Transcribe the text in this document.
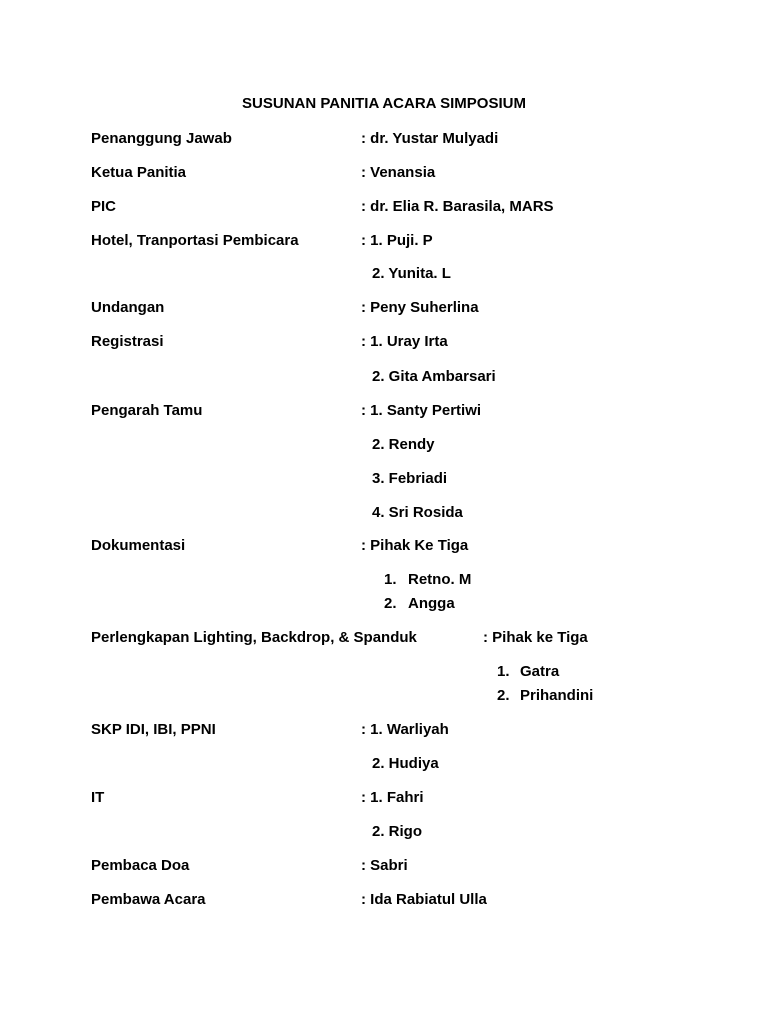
SUSUNAN PANITIA ACARA SIMPOSIUM
Penanggung Jawab	: dr. Yustar Mulyadi
Ketua Panitia	: Venansia
PIC	: dr. Elia R. Barasila, MARS
Hotel, Tranportasi Pembicara	: 1. Puji. P
2. Yunita. L
Undangan	: Peny Suherlina
Registrasi	: 1. Uray Irta
2. Gita Ambarsari
Pengarah Tamu	: 1. Santy Pertiwi
2. Rendy
3. Febriadi
4. Sri Rosida
Dokumentasi	: Pihak Ke Tiga
1. Retno. M
2. Angga
Perlengkapan Lighting, Backdrop, & Spanduk	: Pihak ke Tiga
1. Gatra
2. Prihandini
SKP IDI, IBI, PPNI	: 1. Warliyah
2. Hudiya
IT	: 1. Fahri
2. Rigo
Pembaca Doa	: Sabri
Pembawa Acara	: Ida Rabiatul Ulla
